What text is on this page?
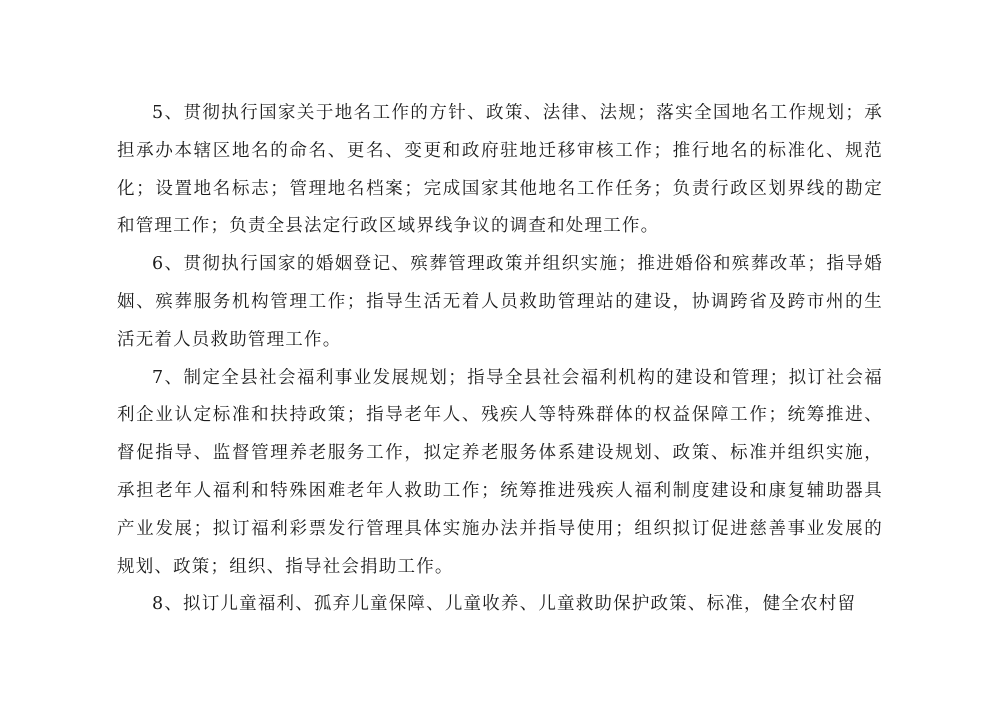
5、贯彻执行国家关于地名工作的方针、政策、法律、法规；落实全国地名工作规划；承担承办本辖区地名的命名、更名、变更和政府驻地迁移审核工作；推行地名的标准化、规范化；设置地名标志；管理地名档案；完成国家其他地名工作任务；负责行政区划界线的勘定和管理工作；负责全县法定行政区域界线争议的调查和处理工作。

6、贯彻执行国家的婚姻登记、殡葬管理政策并组织实施；推进婚俗和殡葬改革；指导婚姻、殡葬服务机构管理工作；指导生活无着人员救助管理站的建设，协调跨省及跨市州的生活无着人员救助管理工作。

7、制定全县社会福利事业发展规划；指导全县社会福利机构的建设和管理；拟订社会福利企业认定标准和扶持政策；指导老年人、残疾人等特殊群体的权益保障工作；统筹推进、督促指导、监督管理养老服务工作，拟定养老服务体系建设规划、政策、标准并组织实施，承担老年人福利和特殊困难老年人救助工作；统筹推进残疾人福利制度建设和康复辅助器具产业发展；拟订福利彩票发行管理具体实施办法并指导使用；组织拟订促进慈善事业发展的规划、政策；组织、指导社会捐助工作。

8、拟订儿童福利、孤弃儿童保障、儿童收养、儿童救助保护政策、标准，健全农村留
